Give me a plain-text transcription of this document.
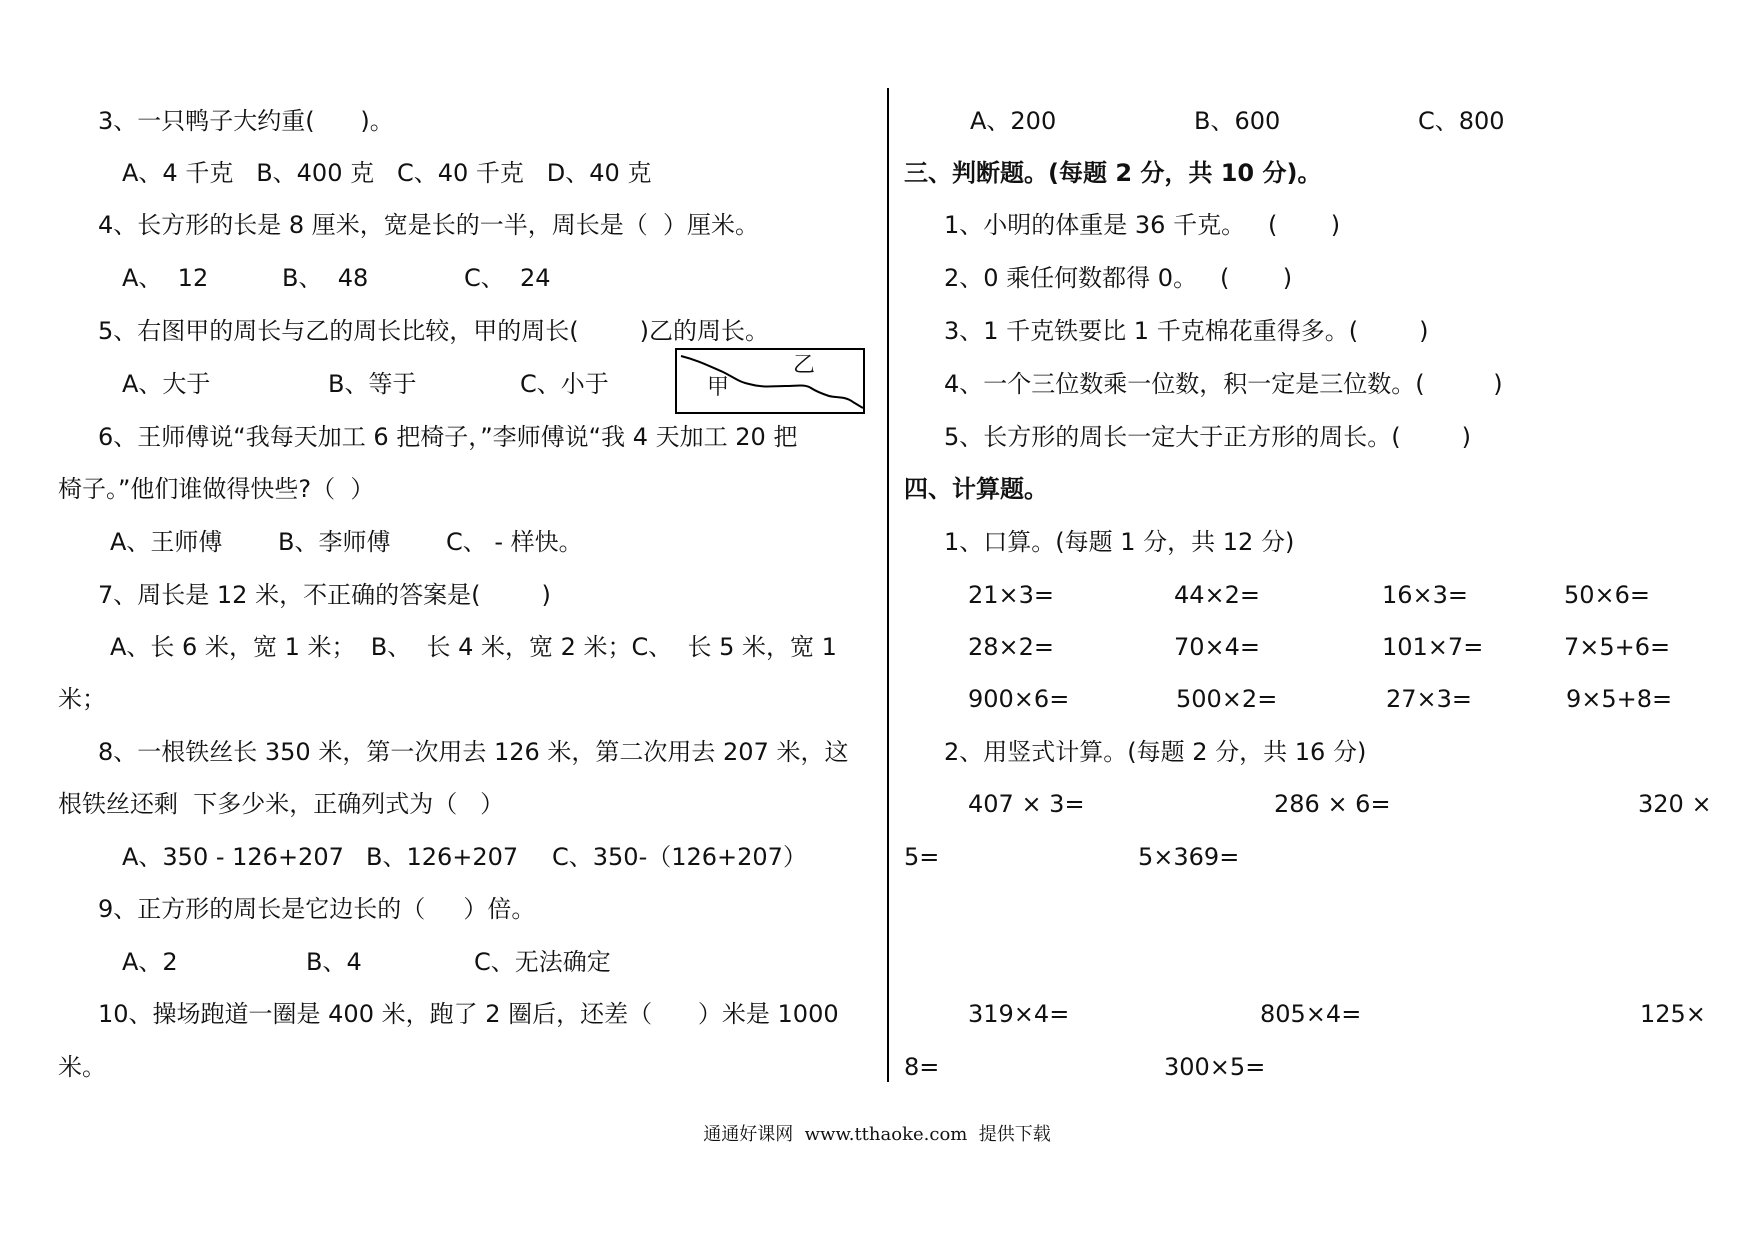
3、一只鸭子大约重(      )。
A、4 千克   B、400 克   C、40 千克   D、40 克
4、长方形的长是 8 厘米，宽是长的一半，周长是（  ）厘米。
A、  12	B、  48	C、  24
5、右图甲的周长与乙的周长比较，甲的周长(        )乙的周长。
A、大于	B、等于	C、小于	甲
乙
6、王师傅说“我每天加工 6 把椅子，”李师傅说“我 4 天加工 20 把
椅子。”他们谁做得快些?（  ）
A、王师傅 B、李师傅 C、 - 样快。
7、周长是 12 米，不正确的答案是(        )
A、长 6 米，宽 1 米；  B、  长 4 米，宽 2 米；C、  长 5 米，宽 1
米；
8、一根铁丝长 350 米，第一次用去 126 米，第二次用去 207 米，这
根铁丝还剩  下多少米，正确列式为（   ）
A、350 - 126+207 B、126+207 C、350-（126+207）
9、正方形的周长是它边长的（     ）倍。
A、2	B、4	C、无法确定
10、操场跑道一圈是 400 米，跑了 2 圈后，还差（      ）米是 1000
米。
A、200	B、600	C、800
三、判断题。(每题 2 分，共 10 分)。
1、小明的体重是 36 千克。   (       )
2、0 乘任何数都得 0。   (       )
3、1 千克铁要比 1 千克棉花重得多。(        )
4、一个三位数乘一位数，积一定是三位数。(         )
5、长方形的周长一定大于正方形的周长。(        )
四、计算题。
1、口算。(每题 1 分，共 12 分)
21×3=	44×2=	16×3=	50×6=
28×2=	70×4=	101×7=	7×5+6=
900×6=	500×2=	27×3=	9×5+8=
2、用竖式计算。(每题 2 分，共 16 分)
407 × 3=	286 × 6=	320 ×
5=	5×369=
319×4=	805×4=	125×
8=	300×5=
通通好课网  www.tthaoke.com  提供下载
